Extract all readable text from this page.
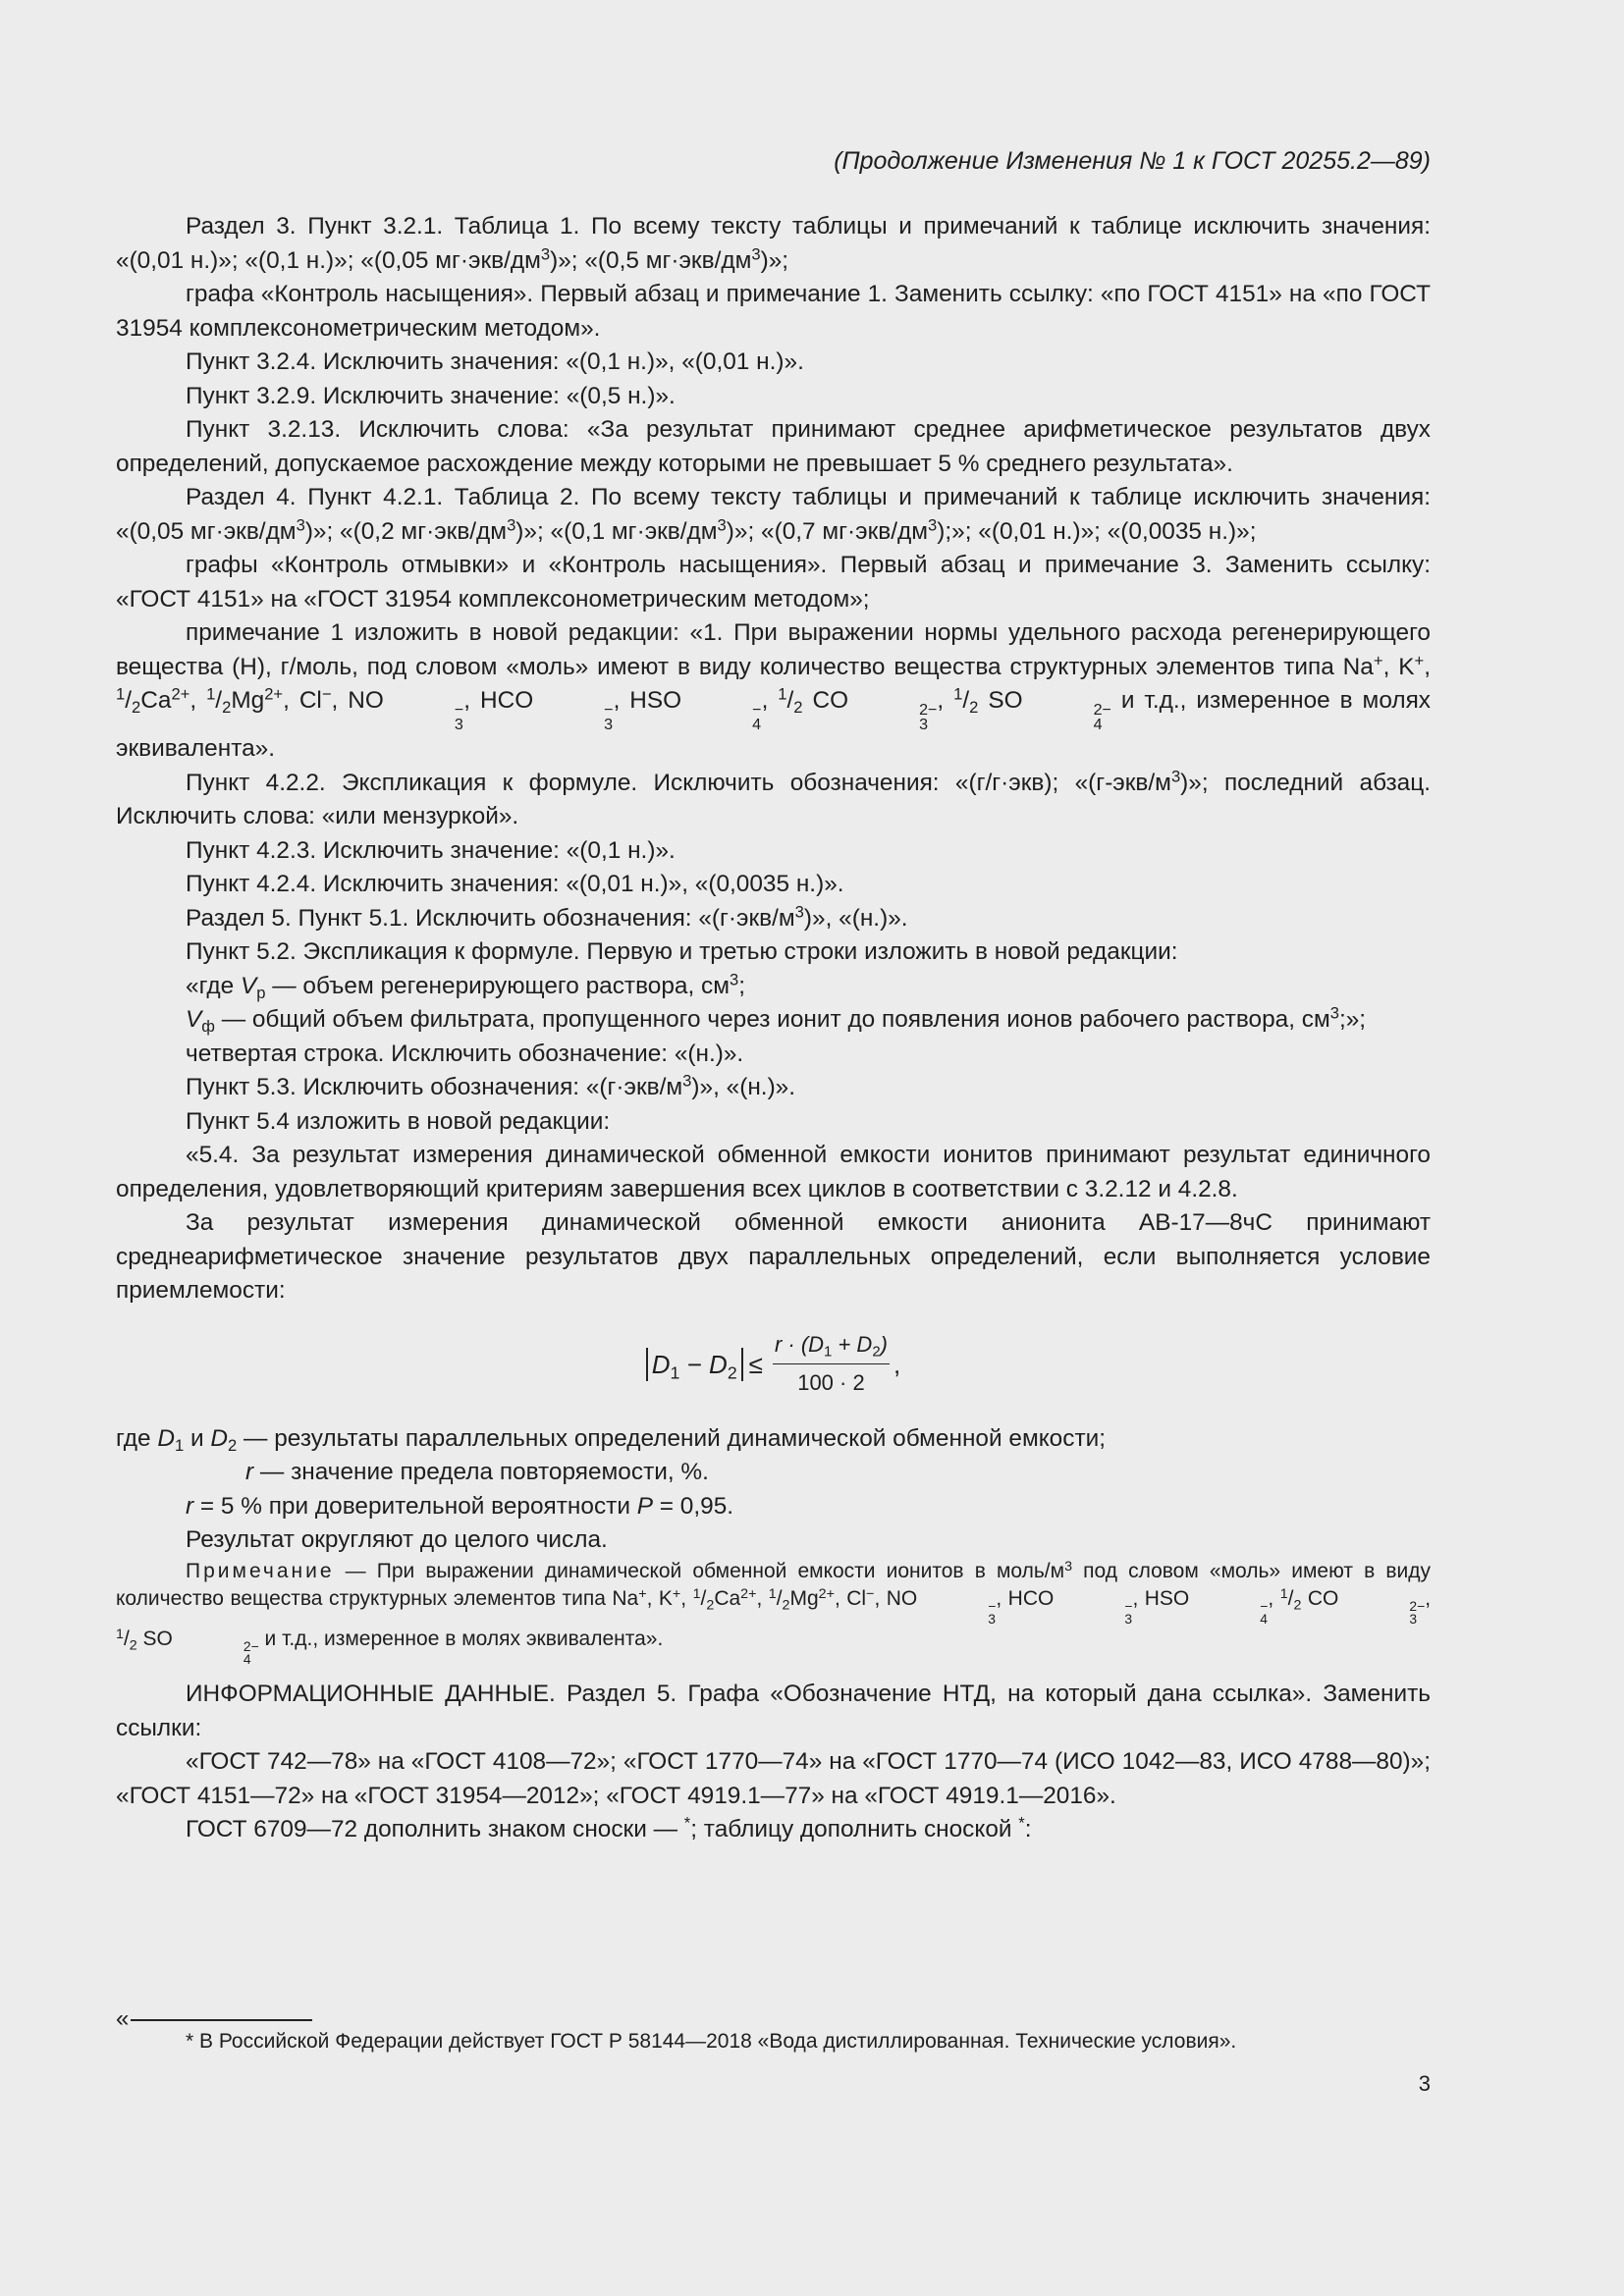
(Продолжение Изменения № 1 к ГОСТ 20255.2—89)

Раздел 3. Пункт 3.2.1. Таблица 1. По всему тексту таблицы и примечаний к таблице исключить значения: «(0,01 н.)»; «(0,1 н.)»; «(0,05 $мг\cdot экв/дм^3$)»; «(0,5 $мг\cdot экв/дм^3$)»;

графа «Контроль насыщения». Первый абзац и примечание 1. Заменить ссылку: «по ГОСТ 4151» на «по ГОСТ 31954 комплексонометрическим методом».

Пункт 3.2.4. Исключить значения: «(0,1 н.)», «(0,01 н.)».

Пункт 3.2.9. Исключить значение: «(0,5 н.)».

Пункт 3.2.13. Исключить слова: «За результат принимают среднее арифметическое результатов двух определений, допускаемое расхождение между которыми не превышает 5 % среднего результата».

Раздел 4. Пункт 4.2.1. Таблица 2. По всему тексту таблицы и примечаний к таблице исключить значения: «(0,05 $мг\cdot экв/дм^3$)»; «(0,2 $мг\cdot экв/дм^3$)»; «(0,1 $мг\cdot экв/дм^3$)»; «(0,7 $мг\cdot экв/дм^3$);»; «(0,01 н.)»; «(0,0035 н.)»;

графы «Контроль отмывки» и «Контроль насыщения». Первый абзац и примечание 3. Заменить ссылку: «ГОСТ 4151» на «ГОСТ 31954 комплексонометрическим методом»;

примечание 1 изложить в новой редакции: «1. При выражении нормы удельного расхода регенерирующего вещества (Н), г/моль, под словом «моль» имеют в виду количество вещества структурных элементов типа Na+, K+, $^1/_2Ca^{2+}$, $^1/_2Mg^{2+}$, Cl−, NO	−
3
, HCO	−
3
, HSO	−
4
, $^1/_2$ CO	2−
3
, $^1/_2$ SO	2−
4
и т.д., измеренное в молях эквивалента».

Пункт 4.2.2. Экспликация к формуле. Исключить обозначения: «(г/г·экв); «$(г-экв/м^3)$»; последний абзац. Исключить слова: «или мензуркой».

Пункт 4.2.3. Исключить значение: «(0,1 н.)».

Пункт 4.2.4. Исключить значения: «(0,01 н.)», «(0,0035 н.)».

Раздел 5. Пункт 5.1. Исключить обозначения: «$(г\cdot экв/м^3)$», «(н.)».

Пункт 5.2. Экспликация к формуле. Первую и третью строки изложить в новой редакции:

«где $V_р$ — объем регенерирующего раствора, $см^3$;

$V_ф$ — общий объем фильтрата, пропущенного через ионит до появления ионов рабочего раствора, $см^3$;»;

четвертая строка. Исключить обозначение: «(н.)».

Пункт 5.3. Исключить обозначения: «$(г\cdot экв/м^3)$», «(н.)».

Пункт 5.4 изложить в новой редакции:

«5.4. За результат измерения динамической обменной емкости ионитов принимают результат единичного определения, удовлетворяющий критериям завершения всех циклов в соответствии с 3.2.12 и 4.2.8.

За результат измерения динамической обменной емкости анионита АВ-17—8чС принимают среднеарифметическое значение результатов двух параллельных определений, если выполняется условие приемлемости:

$D_1 - D_2 \le \frac{r \cdot (D_1 + D_2)}{100 \cdot 2}$ ,

где $D_1$ и $D_2$ — результаты параллельных определений динамической обменной емкости;

r — значение предела повторяемости, %.

r = 5 % при доверительной вероятности P = 0,95.

Результат округляют до целого числа.

Примечание — При выражении динамической обменной емкости ионитов в моль/$м^3$ под словом «моль» имеют в виду количество вещества структурных элементов типа Na+, K+, $^1/_2Ca^{2+}$, $^1/_2Mg^{2+}$, Cl−, NO	−
3
, HCO	−
3
, HSO	−
4
, $^1/_2$ CO	2−
3
, $^1/_2$ SO	2−
4
и т.д., измеренное в молях эквивалента».

ИНФОРМАЦИОННЫЕ ДАННЫЕ. Раздел 5. Графа «Обозначение НТД, на который дана ссылка». Заменить ссылки:

«ГОСТ 742—78» на «ГОСТ 4108—72»; «ГОСТ 1770—74» на «ГОСТ 1770—74 (ИСО 1042—83, ИСО 4788—80)»; «ГОСТ 4151—72» на «ГОСТ 31954—2012»; «ГОСТ 4919.1—77» на «ГОСТ 4919.1—2016».

ГОСТ 6709—72 дополнить знаком сноски — *; таблицу дополнить сноской *:

«
* В Российской Федерации действует ГОСТ Р 58144—2018 «Вода дистиллированная. Технические условия».
3
